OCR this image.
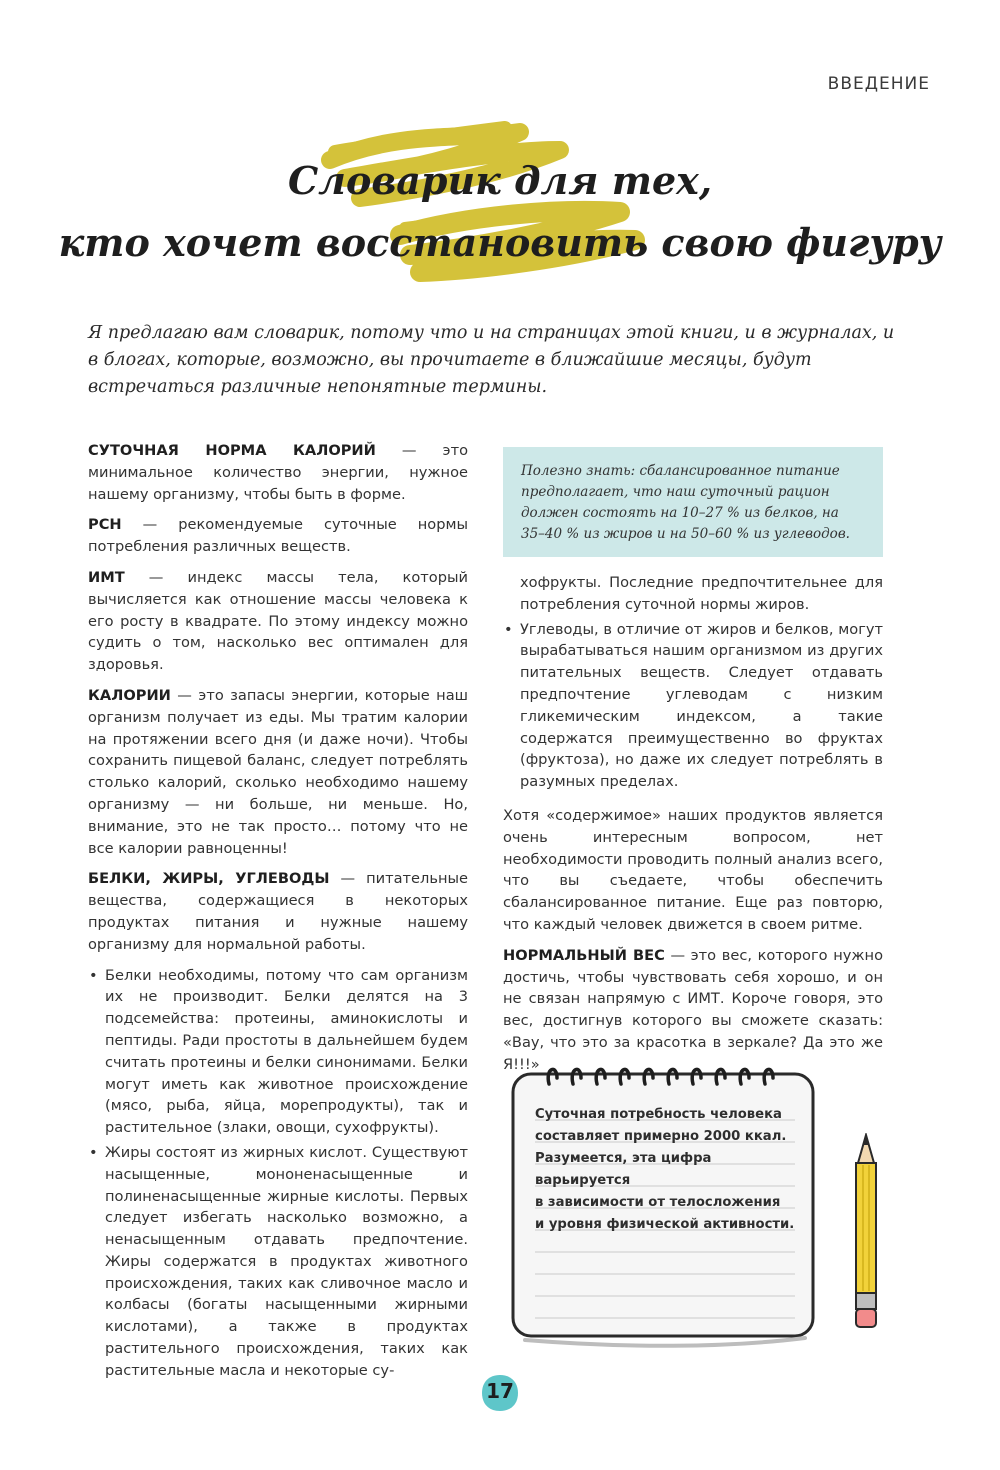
ВВЕДЕНИЕ
Словарик для тех,
кто хочет восстановить свою фигуру

Я предлагаю вам словарик, потому что и на страницах этой книги, и в журналах, и в блогах, которые, возможно, вы прочитаете в ближайшие месяцы, будут встречаться различные непонятные термины.

СУТОЧНАЯ НОРМА КАЛОРИЙ — это минимальное количество энергии, нужное нашему организму, чтобы быть в форме.

РСН — рекомендуемые суточные нормы потребления различных веществ.

ИМТ — индекс массы тела, который вычисляется как отношение массы человека к его росту в квадрате. По этому индексу можно судить о том, насколько вес оптимален для здоровья.

КАЛОРИИ — это запасы энергии, которые наш организм получает из еды. Мы тратим калории на протяжении всего дня (и даже ночи). Чтобы сохранить пищевой баланс, следует потреблять столько калорий, сколько необходимо нашему организму — ни больше, ни меньше. Но, внимание, это не так просто… потому что не все калории равноценны!

БЕЛКИ, ЖИРЫ, УГЛЕВОДЫ — питательные вещества, содержащиеся в некоторых продуктах питания и нужные нашему организму для нормальной работы.

• Белки необходимы, потому что сам организм их не производит. Белки делятся на 3 подсемейства: протеины, аминокислоты и пептиды. Ради простоты в дальнейшем будем считать протеины и белки синонимами. Белки могут иметь как животное происхождение (мясо, рыба, яйца, морепродукты), так и растительное (злаки, овощи, сухофрукты).
• Жиры состоят из жирных кислот. Существуют насыщенные, мононенасыщенные и полиненасыщенные жирные кислоты. Первых следует избегать насколько возможно, а ненасыщенным отдавать предпочтение. Жиры содержатся в продуктах животного происхождения, таких как сливочное масло и колбасы (богаты насыщенными жирными кислотами), а также в продуктах растительного происхождения, таких как растительные масла и некоторые су-
Полезно знать: сбалансированное питание предполагает, что наш суточный рацион должен состоять на 10–27 % из белков, на 35–40 % из жиров и на 50–60 % из углеводов.

хофрукты. Последние предпочтительнее для потребления суточной нормы жиров.

• Углеводы, в отличие от жиров и белков, могут вырабатываться нашим организмом из других питательных веществ. Следует отдавать предпочтение углеводам с низким гликемическим индексом, а такие содержатся преимущественно во фруктах (фруктоза), но даже их следует потреблять в разумных пределах.

Хотя «содержимое» наших продуктов является очень интересным вопросом, нет необходимости проводить полный анализ всего, что вы съедаете, чтобы обеспечить сбалансированное питание. Еще раз повторю, что каждый человек движется в своем ритме.

НОРМАЛЬНЫЙ ВЕС — это вес, которого нужно достичь, чтобы чувствовать себя хорошо, и он не связан напрямую с ИМТ. Короче говоря, это вес, достигнув которого вы сможете сказать: «Вау, что это за красотка в зеркале? Да это же Я!!!»

Суточная потребность человека
составляет примерно 2000 ккал.
Разумеется, эта цифра варьируется
в зависимости от телосложения
и уровня физической активности.
17
